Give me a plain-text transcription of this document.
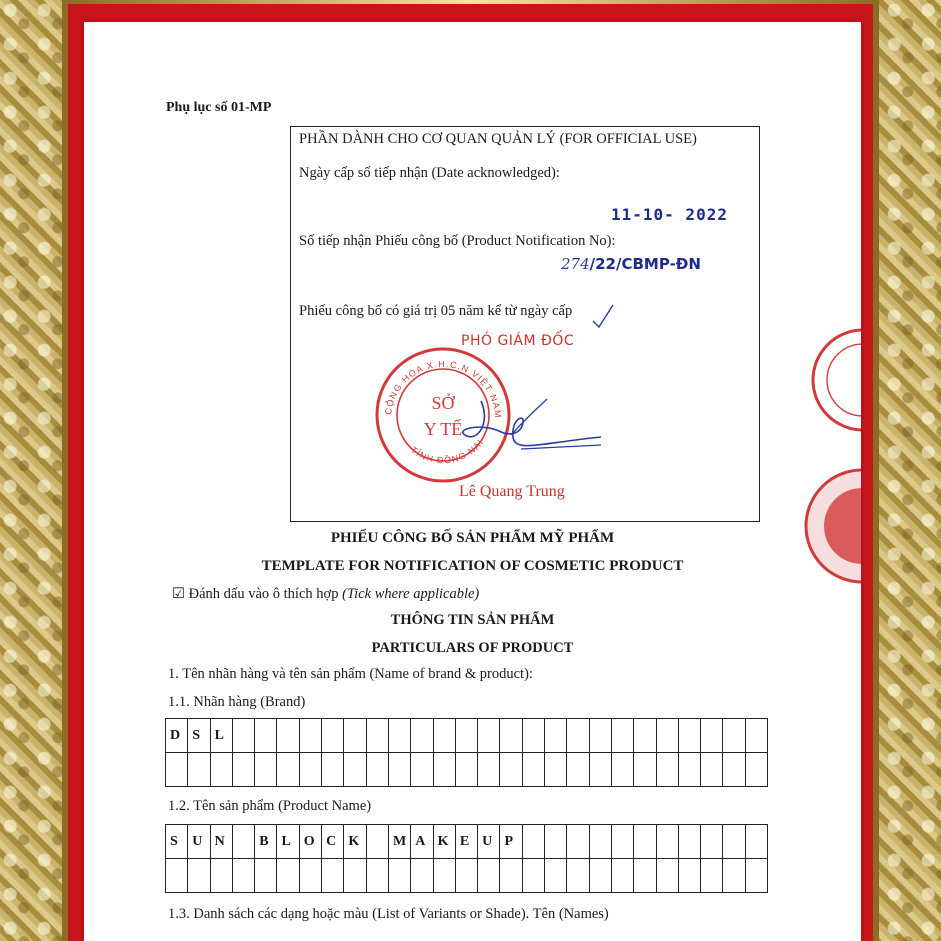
Phụ lục số 01-MP
PHẦN DÀNH CHO CƠ QUAN QUẢN LÝ (FOR OFFICIAL USE)
Ngày cấp số tiếp nhận (Date acknowledged):
11-10- 2022
Số tiếp nhận Phiếu công bố (Product Notification No):
274/22/CBMP-ĐN
Phiếu công bố có giá trị 05 năm kể từ ngày cấp
PHÓ GIÁM ĐỐC
CỘNG HÒA X.H.C.N VIỆT NAM
TỈNH ĐỒNG NAI
SỞ
Y TẾ
Lê Quang Trung
PHIẾU CÔNG BỐ SẢN PHẨM MỸ PHẨM
TEMPLATE FOR NOTIFICATION OF COSMETIC PRODUCT
☑ Đánh dấu vào ô thích hợp (Tick where applicable)
THÔNG TIN SẢN PHẨM
PARTICULARS OF PRODUCT
1. Tên nhãn hàng và tên sản phẩm (Name of brand & product):
1.1. Nhãn hàng (Brand)
D	S	L																								

1.2. Tên sản phẩm (Product Name)
S	U	N		B	L	O	C	K		M	A	K	E	U	P											

1.3. Danh sách các dạng hoặc màu (List of Variants or Shade). Tên (Names)
